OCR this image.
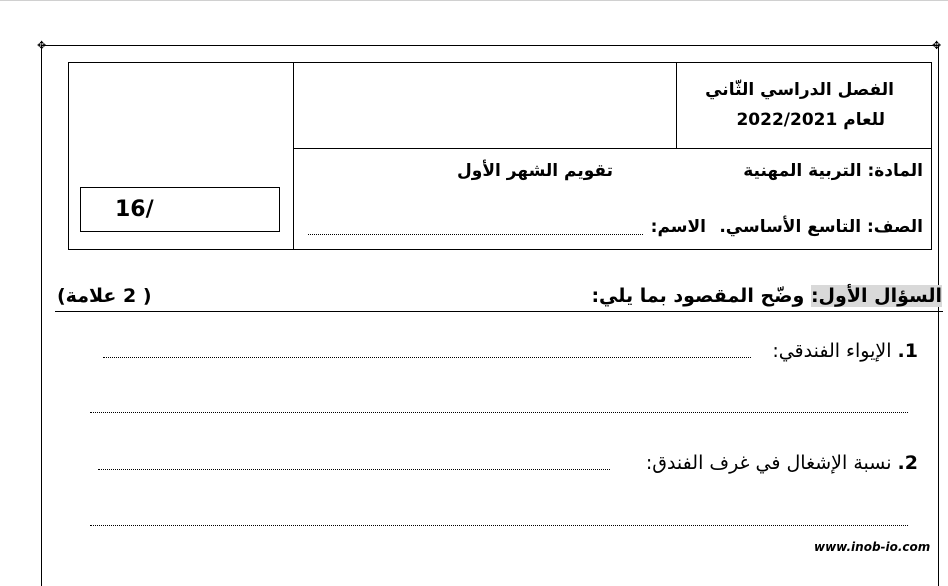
✥	✥
16/
الفصل الدراسي الثّاني
للعام 2022/2021
المادة: التربية المهنية
تقويم الشهر الأول
الصف: التاسع الأساسي.
الاسم:
السؤال الأول: وضّح المقصود بما يلي:
( 2 علامة)
1. الإيواء الفندقي:
2. نسبة الإشغال في غرف الفندق:
www.inob-io.com
